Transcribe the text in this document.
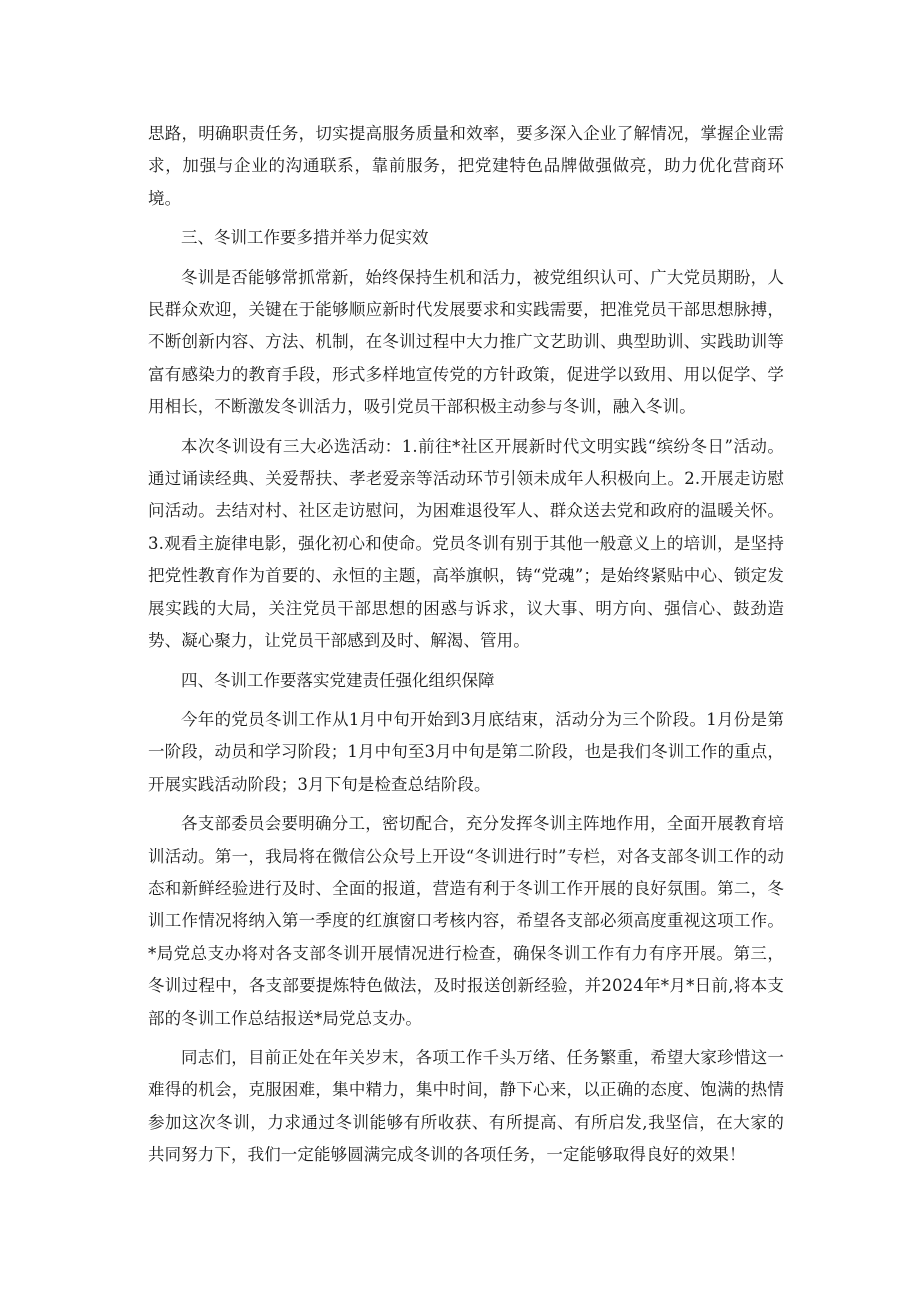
思路，明确职责任务，切实提高服务质量和效率，要多深入企业了解情况，掌握企业需求，加强与企业的沟通联系，靠前服务，把党建特色品牌做强做亮，助力优化营商环境。

三、冬训工作要多措并举力促实效

冬训是否能够常抓常新，始终保持生机和活力，被党组织认可、广大党员期盼，人民群众欢迎，关键在于能够顺应新时代发展要求和实践需要，把准党员干部思想脉搏，不断创新内容、方法、机制，在冬训过程中大力推广文艺助训、典型助训、实践助训等富有感染力的教育手段，形式多样地宣传党的方针政策，促进学以致用、用以促学、学用相长，不断激发冬训活力，吸引党员干部积极主动参与冬训，融入冬训。

本次冬训设有三大必选活动：1.前往*社区开展新时代文明实践“缤纷冬日”活动。通过诵读经典、关爱帮扶、孝老爱亲等活动环节引领未成年人积极向上。2.开展走访慰问活动。去结对村、社区走访慰问，为困难退役军人、群众送去党和政府的温暖关怀。3.观看主旋律电影，强化初心和使命。党员冬训有别于其他一般意义上的培训，是坚持把党性教育作为首要的、永恒的主题，高举旗帜，铸“党魂”；是始终紧贴中心、锁定发展实践的大局，关注党员干部思想的困惑与诉求，议大事、明方向、强信心、鼓劲造势、凝心聚力，让党员干部感到及时、解渴、管用。

四、冬训工作要落实党建责任强化组织保障

今年的党员冬训工作从1月中旬开始到3月底结束，活动分为三个阶段。1月份是第一阶段，动员和学习阶段；1月中旬至3月中旬是第二阶段，也是我们冬训工作的重点，开展实践活动阶段；3月下旬是检查总结阶段。

各支部委员会要明确分工，密切配合，充分发挥冬训主阵地作用，全面开展教育培训活动。第一，我局将在微信公众号上开设“冬训进行时”专栏，对各支部冬训工作的动态和新鲜经验进行及时、全面的报道，营造有利于冬训工作开展的良好氛围。第二，冬训工作情况将纳入第一季度的红旗窗口考核内容，希望各支部必须高度重视这项工作。*局党总支办将对各支部冬训开展情况进行检查，确保冬训工作有力有序开展。第三，冬训过程中，各支部要提炼特色做法，及时报送创新经验，并2024年*月*日前,将本支部的冬训工作总结报送*局党总支办。

同志们，目前正处在年关岁末，各项工作千头万绪、任务繁重，希望大家珍惜这一难得的机会，克服困难，集中精力，集中时间，静下心来，以正确的态度、饱满的热情参加这次冬训，力求通过冬训能够有所收获、有所提高、有所启发,我坚信，在大家的共同努力下，我们一定能够圆满完成冬训的各项任务，一定能够取得良好的效果！
